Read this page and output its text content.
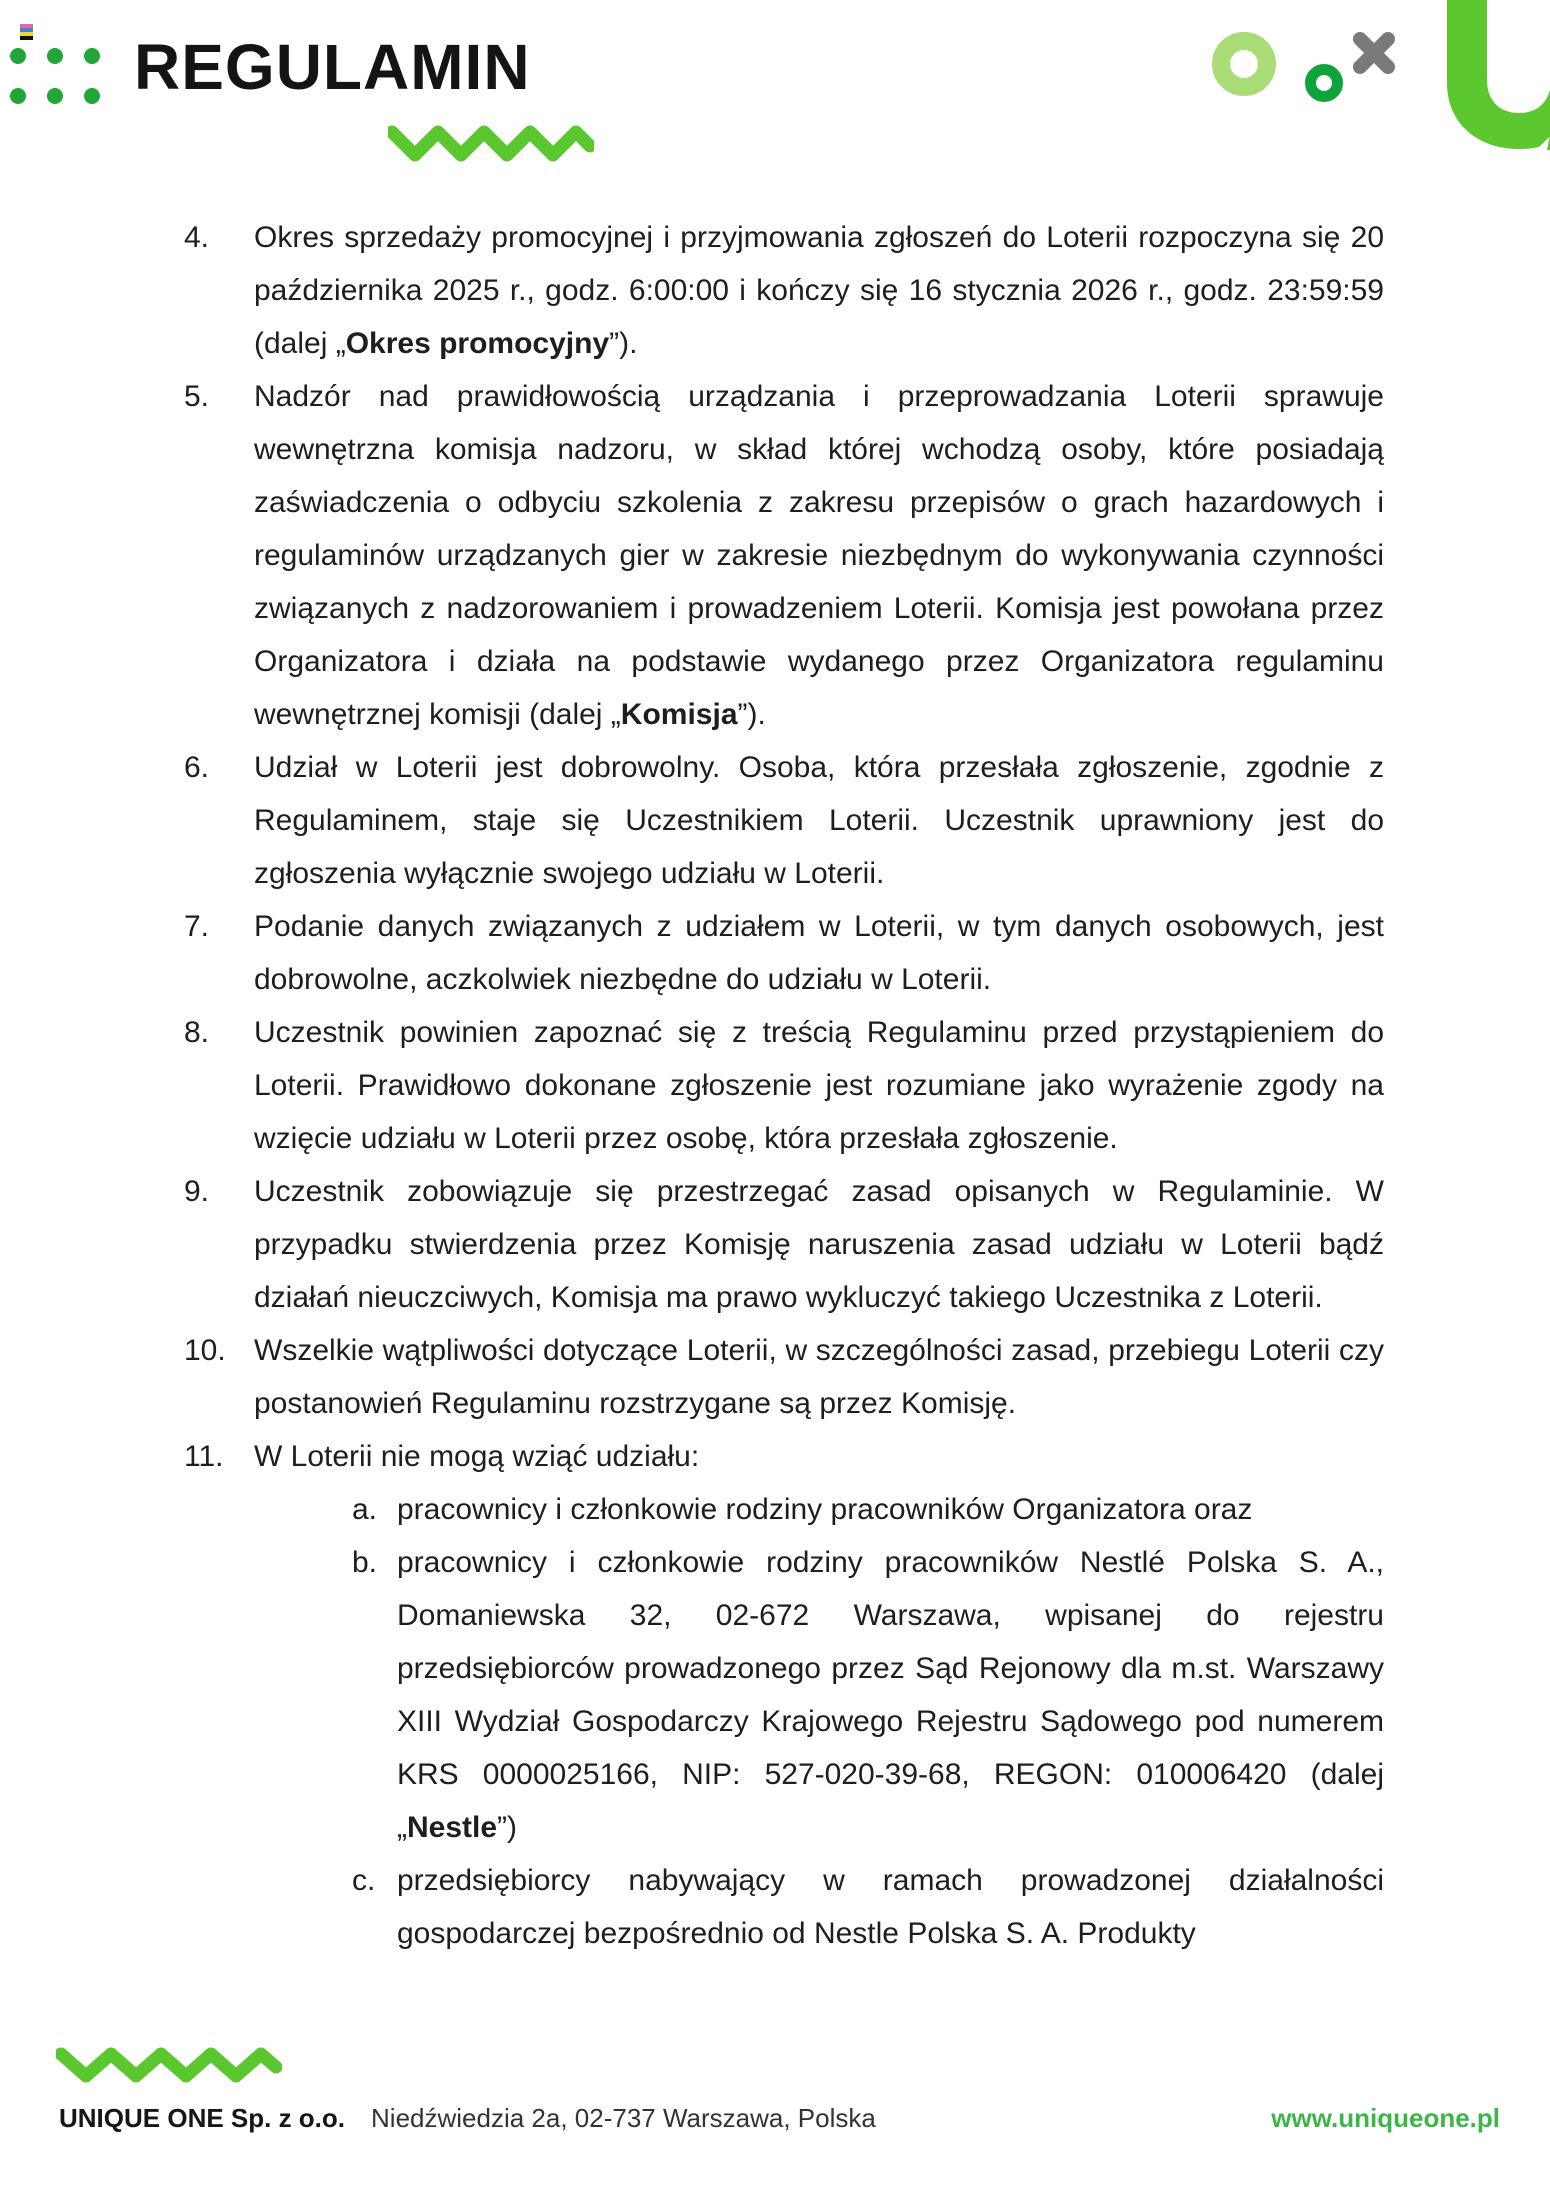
REGULAMIN
4.	Okres sprzedaży promocyjnej i przyjmowania zgłoszeń do Loterii rozpoczyna się 20 października 2025 r., godz. 6:00:00 i kończy się 16 stycznia 2026 r., godz. 23:59:59 (dalej „Okres promocyjny”).
5.	Nadzór nad prawidłowością urządzania i przeprowadzania Loterii sprawuje wewnętrzna komisja nadzoru, w skład której wchodzą osoby, które posiadają zaświadczenia o odbyciu szkolenia z zakresu przepisów o grach hazardowych i regulaminów urządzanych gier w zakresie niezbędnym do wykonywania czynności związanych z nadzorowaniem i prowadzeniem Loterii. Komisja jest powołana przez Organizatora i działa na podstawie wydanego przez Organizatora regulaminu wewnętrznej komisji (dalej „Komisja”).
6.	Udział w Loterii jest dobrowolny. Osoba, która przesłała zgłoszenie, zgodnie z Regulaminem, staje się Uczestnikiem Loterii. Uczestnik uprawniony jest do zgłoszenia wyłącznie swojego udziału w Loterii.
7.	Podanie danych związanych z udziałem w Loterii, w tym danych osobowych, jest dobrowolne, aczkolwiek niezbędne do udziału w Loterii.
8.	Uczestnik powinien zapoznać się z treścią Regulaminu przed przystąpieniem do Loterii. Prawidłowo dokonane zgłoszenie jest rozumiane jako wyrażenie zgody na wzięcie udziału w Loterii przez osobę, która przesłała zgłoszenie.
9.	Uczestnik zobowiązuje się przestrzegać zasad opisanych w Regulaminie. W przypadku stwierdzenia przez Komisję naruszenia zasad udziału w Loterii bądź działań nieuczciwych, Komisja ma prawo wykluczyć takiego Uczestnika z Loterii.
10. Wszelkie wątpliwości dotyczące Loterii, w szczególności zasad, przebiegu Loterii czy postanowień Regulaminu rozstrzygane są przez Komisję.
11.	W Loterii nie mogą wziąć udziału:
a. pracownicy i członkowie rodziny pracowników Organizatora oraz
b. pracownicy i członkowie rodziny pracowników Nestlé Polska S. A., Domaniewska 32, 02-672 Warszawa, wpisanej do rejestru przedsiębiorców prowadzonego przez Sąd Rejonowy dla m.st. Warszawy XIII Wydział Gospodarczy Krajowego Rejestru Sądowego pod numerem KRS 0000025166, NIP: 527-020-39-68, REGON: 010006420 (dalej „Nestle”)
c. przedsiębiorcy nabywający w ramach prowadzonej działalności gospodarczej bezpośrednio od Nestle Polska S. A. Produkty
UNIQUE ONE Sp. z o.o. Niedźwiedzia 2a, 02-737 Warszawa, Polska	www.uniqueone.pl
